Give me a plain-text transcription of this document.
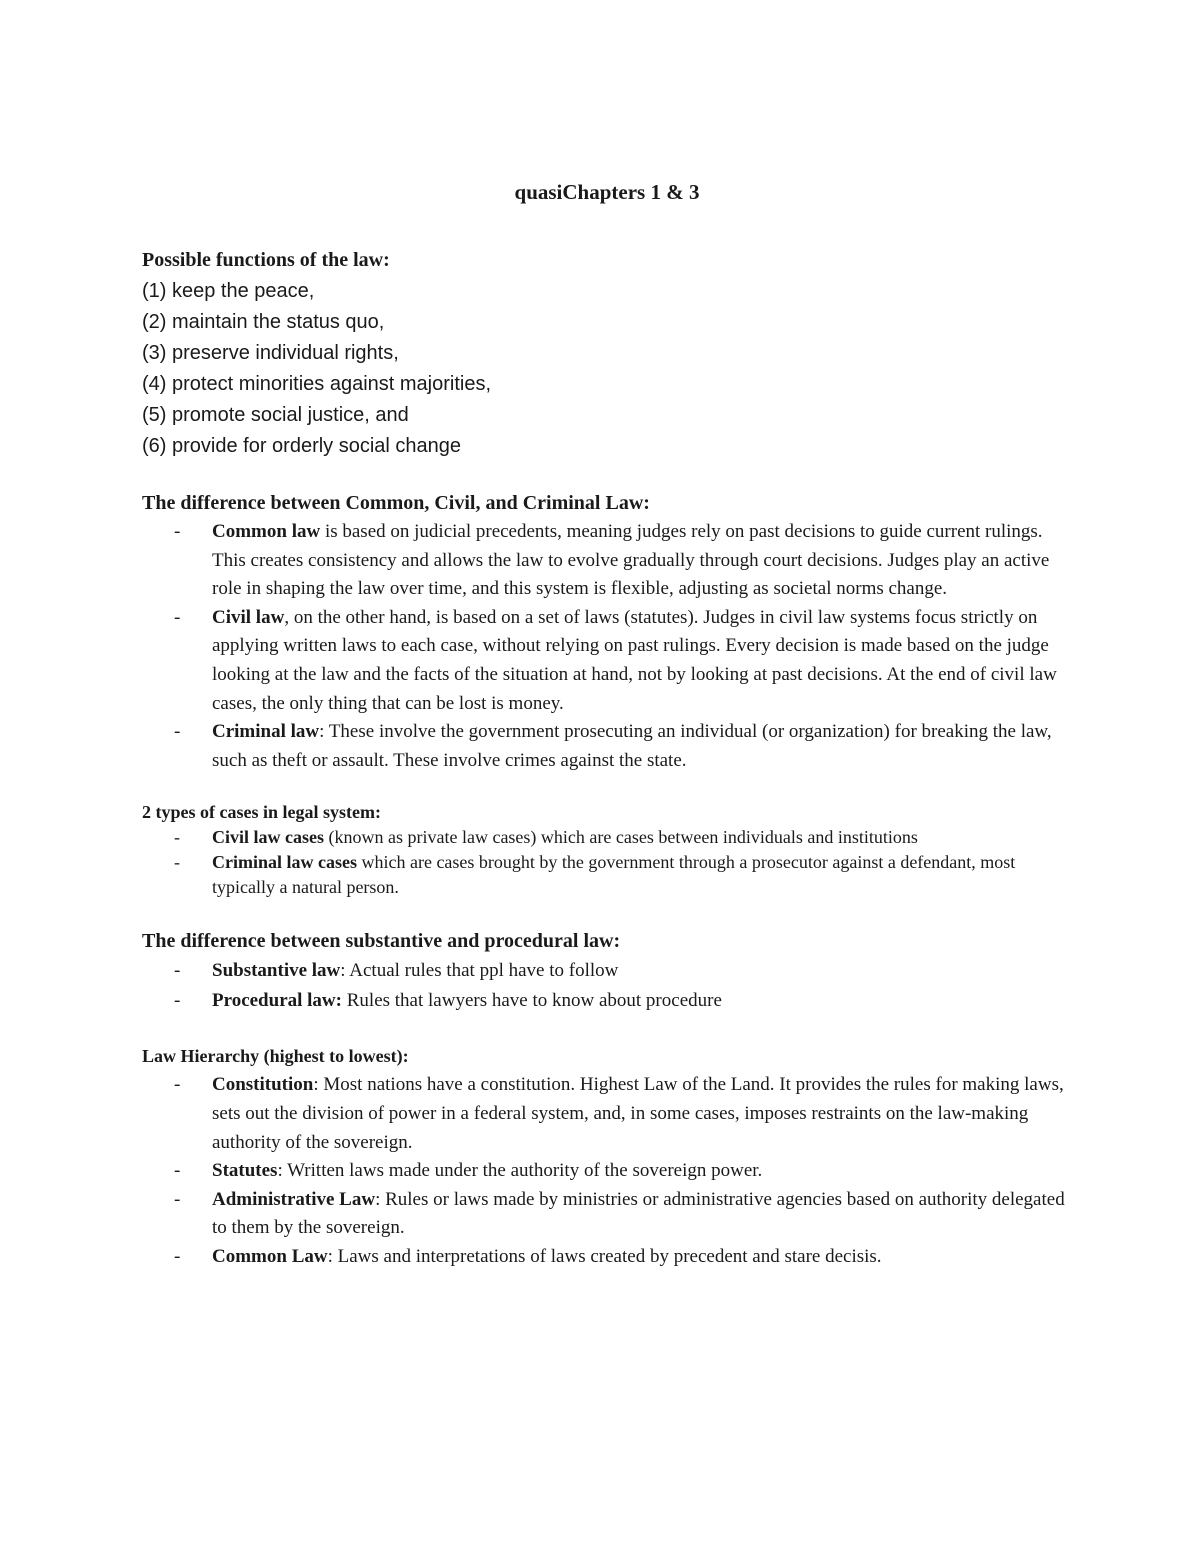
quasiChapters 1 & 3
Possible functions of the law:
(1) keep the peace,
(2) maintain the status quo,
(3) preserve individual rights,
(4) protect minorities against majorities,
(5) promote social justice, and
(6) provide for orderly social change
The difference between Common, Civil, and Criminal Law:
- Common law is based on judicial precedents, meaning judges rely on past decisions to guide current rulings. This creates consistency and allows the law to evolve gradually through court decisions. Judges play an active role in shaping the law over time, and this system is flexible, adjusting as societal norms change.
- Civil law, on the other hand, is based on a set of laws (statutes). Judges in civil law systems focus strictly on applying written laws to each case, without relying on past rulings. Every decision is made based on the judge looking at the law and the facts of the situation at hand, not by looking at past decisions. At the end of civil law cases, the only thing that can be lost is money.
- Criminal law: These involve the government prosecuting an individual (or organization) for breaking the law, such as theft or assault. These involve crimes against the state.
2 types of cases in legal system:
- Civil law cases (known as private law cases) which are cases between individuals and institutions
- Criminal law cases which are cases brought by the government through a prosecutor against a defendant, most typically a natural person.
The difference between substantive and procedural law:
- Substantive law: Actual rules that ppl have to follow
- Procedural law: Rules that lawyers have to know about procedure
Law Hierarchy (highest to lowest):
- Constitution: Most nations have a constitution. Highest Law of the Land. It provides the rules for making laws, sets out the division of power in a federal system, and, in some cases, imposes restraints on the law-making authority of the sovereign.
- Statutes: Written laws made under the authority of the sovereign power.
- Administrative Law: Rules or laws made by ministries or administrative agencies based on authority delegated to them by the sovereign.
- Common Law: Laws and interpretations of laws created by precedent and stare decisis.
